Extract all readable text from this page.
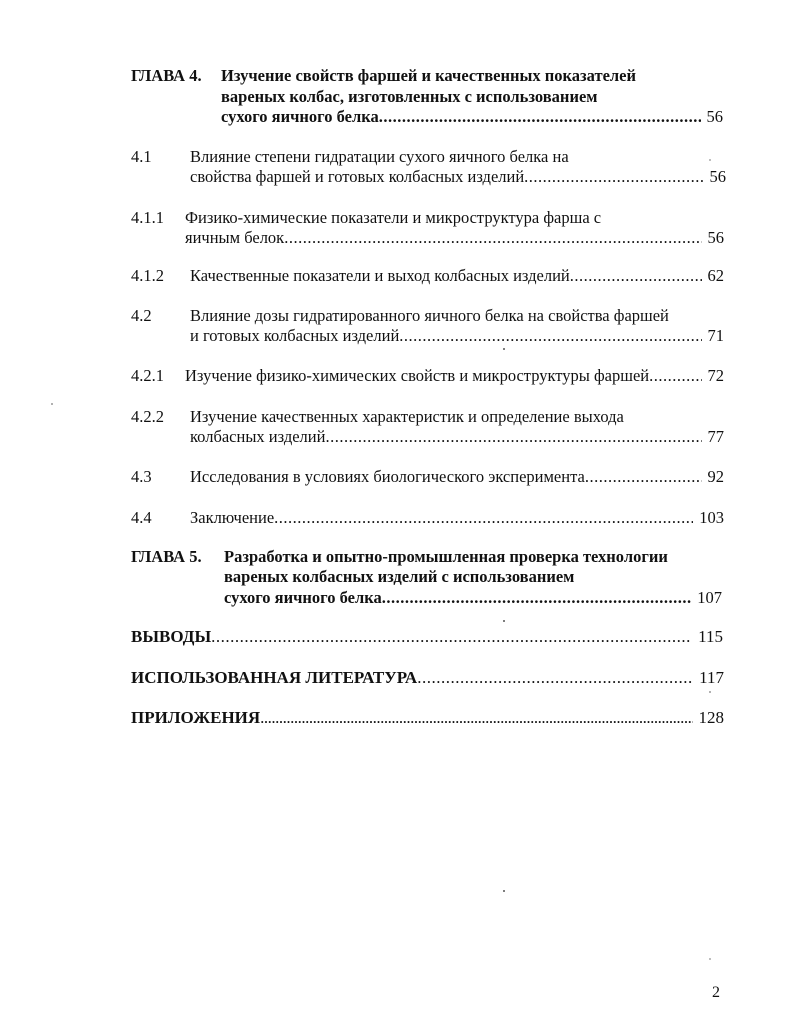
ГЛАВА 4. Изучение свойств фаршей и качественных показателей
вареных колбас, изготовленных с использованием
сухого яичного белка .....	56
4.1 Влияние степени гидратации сухого яичного белка на
свойства фаршей и готовых колбасных изделий .....	56
4.1.1 Физико-химические показатели и микроструктура фарша с
яичным белок .....	56
4.1.2 Качественные показатели и выход колбасных изделий .....	62
4.2 Влияние дозы гидратированного яичного белка на свойства фаршей
и готовых колбасных изделий .....	71
4.2.1 Изучение физико-химических свойств и микроструктуры фаршей .....	72
4.2.2 Изучение качественных характеристик и определение выхода
колбасных изделий .....	77
4.3 Исследования в условиях биологического эксперимента .....	92
4.4 Заключение .....	103
ГЛАВА 5. Разработка и опытно-промышленная проверка технологии
вареных колбасных изделий с использованием
сухого яичного белка .....	107
ВЫВОДЫ .....	115
ИСПОЛЬЗОВАННАЯ ЛИТЕРАТУРА .....	117
ПРИЛОЖЕНИЯ .....	128
2
